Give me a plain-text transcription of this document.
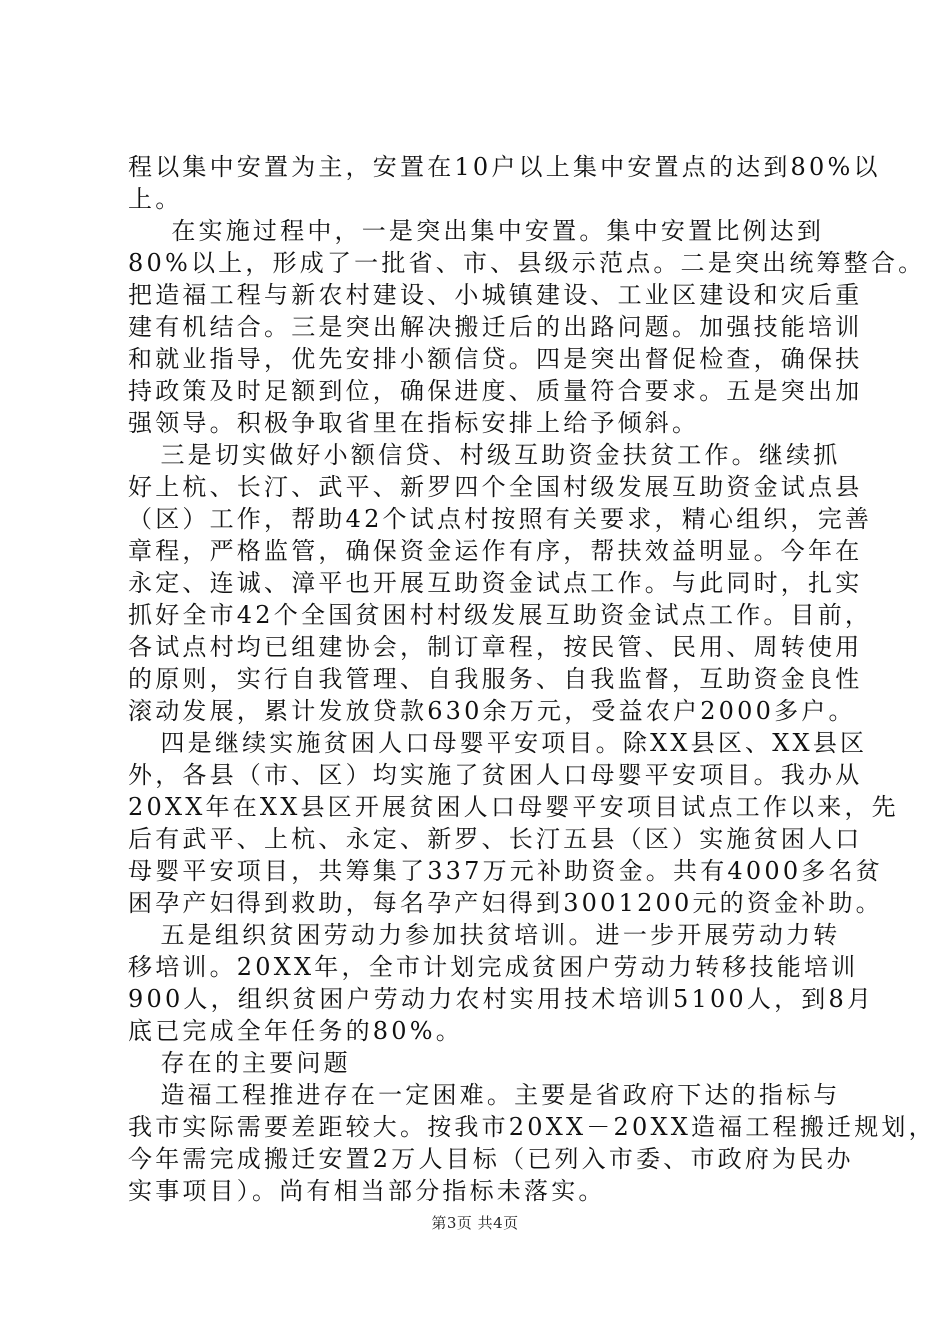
程以集中安置为主，安置在10户以上集中安置点的达到80%以
上。
在实施过程中，一是突出集中安置。集中安置比例达到
80%以上，形成了一批省、市、县级示范点。二是突出统筹整合。
把造福工程与新农村建设、小城镇建设、工业区建设和灾后重
建有机结合。三是突出解决搬迁后的出路问题。加强技能培训
和就业指导，优先安排小额信贷。四是突出督促检查，确保扶
持政策及时足额到位，确保进度、质量符合要求。五是突出加
强领导。积极争取省里在指标安排上给予倾斜。
三是切实做好小额信贷、村级互助资金扶贫工作。继续抓
好上杭、长汀、武平、新罗四个全国村级发展互助资金试点县
（区）工作，帮助42个试点村按照有关要求，精心组织，完善
章程，严格监管，确保资金运作有序，帮扶效益明显。今年在
永定、连诚、漳平也开展互助资金试点工作。与此同时，扎实
抓好全市42个全国贫困村村级发展互助资金试点工作。目前，
各试点村均已组建协会，制订章程，按民管、民用、周转使用
的原则，实行自我管理、自我服务、自我监督，互助资金良性
滚动发展，累计发放贷款630余万元，受益农户2000多户。
四是继续实施贫困人口母婴平安项目。除XX县区、XX县区
外，各县（市、区）均实施了贫困人口母婴平安项目。我办从
20XX年在XX县区开展贫困人口母婴平安项目试点工作以来，先
后有武平、上杭、永定、新罗、长汀五县（区）实施贫困人口
母婴平安项目，共筹集了337万元补助资金。共有4000多名贫
困孕产妇得到救助，每名孕产妇得到3001200元的资金补助。
五是组织贫困劳动力参加扶贫培训。进一步开展劳动力转
移培训。20XX年，全市计划完成贫困户劳动力转移技能培训
900人，组织贫困户劳动力农村实用技术培训5100人，到8月
底已完成全年任务的80%。
存在的主要问题
造福工程推进存在一定困难。主要是省政府下达的指标与
我市实际需要差距较大。按我市20XX－20XX造福工程搬迁规划，
今年需完成搬迁安置2万人目标（已列入市委、市政府为民办
实事项目）。尚有相当部分指标未落实。
第3页 共4页
